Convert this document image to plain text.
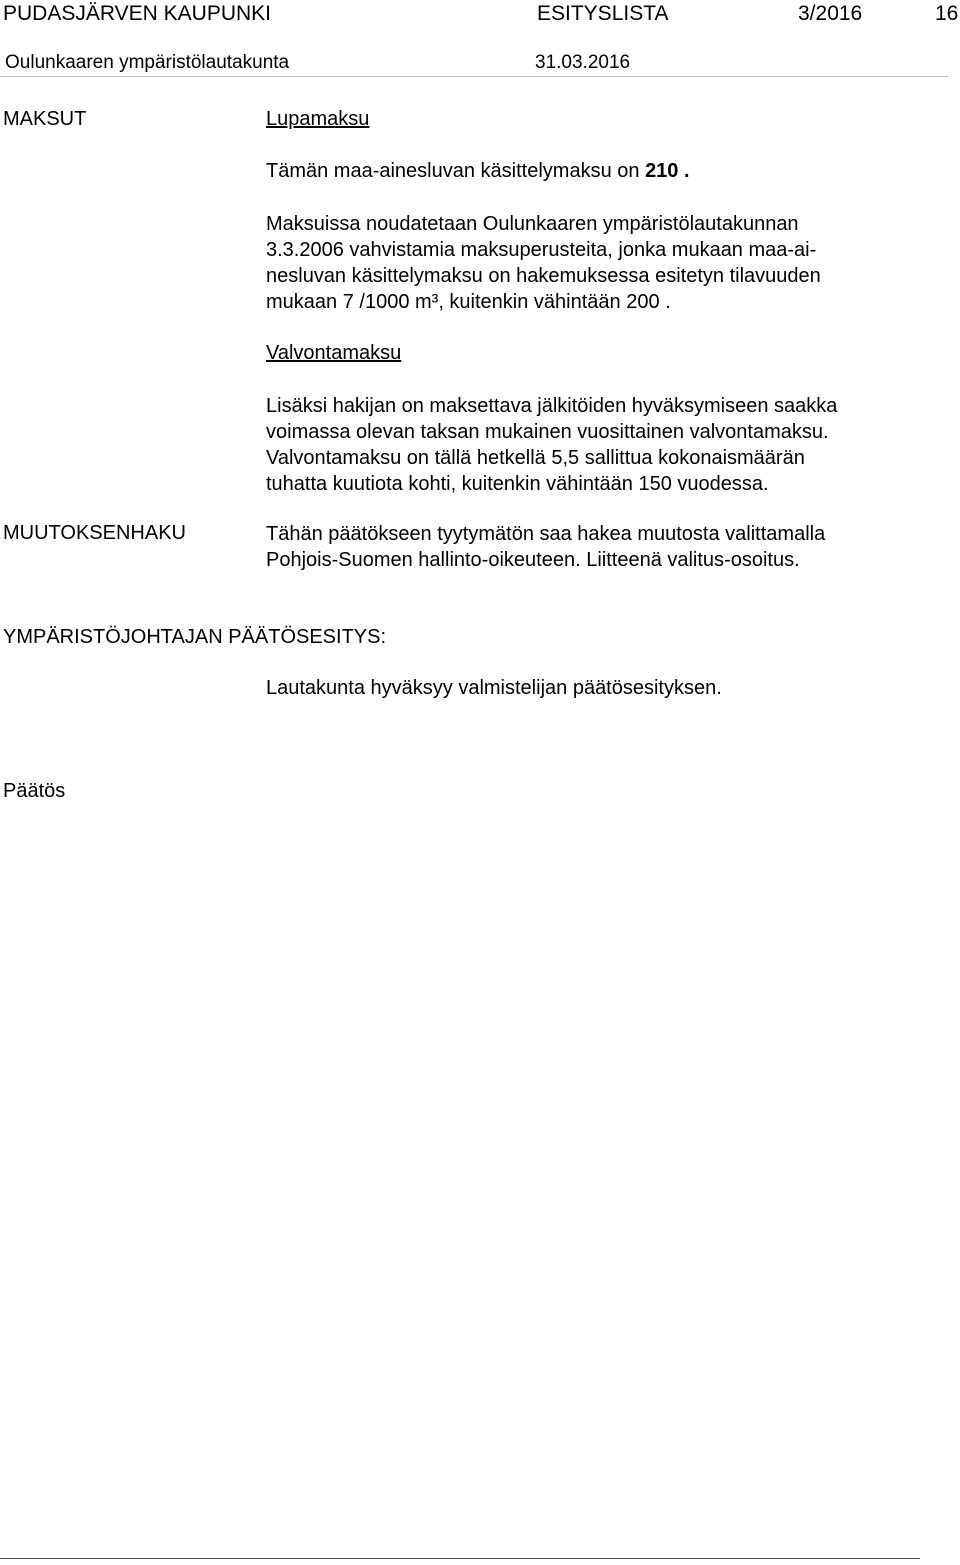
PUDASJÄRVEN KAUPUNKI	ESITYSLISTA	3/2016	16
Oulunkaaren ympäristölautakunta	31.03.2016
MAKSUT	Lupamaksu
Tämän maa-ainesluvan käsittelymaksu on 210 .
Maksuissa noudatetaan Oulunkaaren ympäristölautakunnan
3.3.2006 vahvistamia maksuperusteita, jonka mukaan maa-ai-
nesluvan käsittelymaksu on hakemuksessa esitetyn tilavuuden
mukaan 7 /1000 m³, kuitenkin vähintään 200 .
Valvontamaksu
Lisäksi hakijan on maksettava jälkitöiden hyväksymiseen saakka
voimassa olevan taksan mukainen vuosittainen valvontamaksu.
Valvontamaksu on tällä hetkellä 5,5 sallittua kokonaismäärän
tuhatta kuutiota kohti, kuitenkin vähintään 150 vuodessa.
MUUTOKSENHAKU	Tähän päätökseen tyytymätön saa hakea muutosta valittamalla
Pohjois-Suomen hallinto-oikeuteen. Liitteenä valitus-osoitus.
YMPÄRISTÖJOHTAJAN PÄÄTÖSESITYS:
Lautakunta hyväksyy valmistelijan päätösesityksen.
Päätös
